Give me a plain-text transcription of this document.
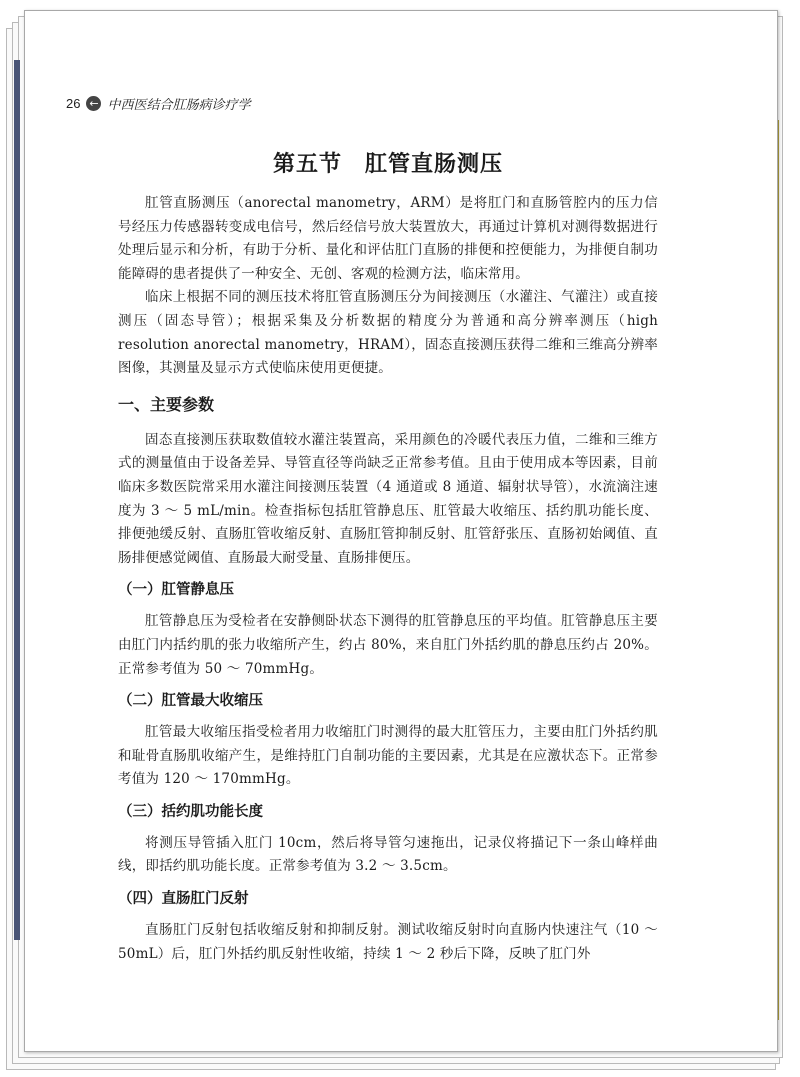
26 ← 中西医结合肛肠病诊疗学
第五节　肛管直肠测压

肛管直肠测压（anorectal manometry，ARM）是将肛门和直肠管腔内的压力信号经压力传感器转变成电信号，然后经信号放大装置放大，再通过计算机对测得数据进行处理后显示和分析，有助于分析、量化和评估肛门直肠的排便和控便能力，为排便自制功能障碍的患者提供了一种安全、无创、客观的检测方法，临床常用。

临床上根据不同的测压技术将肛管直肠测压分为间接测压（水灌注、气灌注）或直接测压（固态导管）；根据采集及分析数据的精度分为普通和高分辨率测压（high resolution anorectal manometry，HRAM），固态直接测压获得二维和三维高分辨率图像，其测量及显示方式使临床使用更便捷。

一、主要参数

固态直接测压获取数值较水灌注装置高，采用颜色的冷暖代表压力值，二维和三维方式的测量值由于设备差异、导管直径等尚缺乏正常参考值。且由于使用成本等因素，目前临床多数医院常采用水灌注间接测压装置（4 通道或 8 通道、辐射状导管），水流滴注速度为 3 ～ 5 mL/min。检查指标包括肛管静息压、肛管最大收缩压、括约肌功能长度、排便弛缓反射、直肠肛管收缩反射、直肠肛管抑制反射、肛管舒张压、直肠初始阈值、直肠排便感觉阈值、直肠最大耐受量、直肠排便压。

（一）肛管静息压

肛管静息压为受检者在安静侧卧状态下测得的肛管静息压的平均值。肛管静息压主要由肛门内括约肌的张力收缩所产生，约占 80%，来自肛门外括约肌的静息压约占 20%。正常参考值为 50 ～ 70mmHg。

（二）肛管最大收缩压

肛管最大收缩压指受检者用力收缩肛门时测得的最大肛管压力，主要由肛门外括约肌和耻骨直肠肌收缩产生，是维持肛门自制功能的主要因素，尤其是在应激状态下。正常参考值为 120 ～ 170mmHg。

（三）括约肌功能长度

将测压导管插入肛门 10cm，然后将导管匀速拖出，记录仪将描记下一条山峰样曲线，即括约肌功能长度。正常参考值为 3.2 ～ 3.5cm。

（四）直肠肛门反射

直肠肛门反射包括收缩反射和抑制反射。测试收缩反射时向直肠内快速注气（10 ～ 50mL）后，肛门外括约肌反射性收缩，持续 1 ～ 2 秒后下降，反映了肛门外
